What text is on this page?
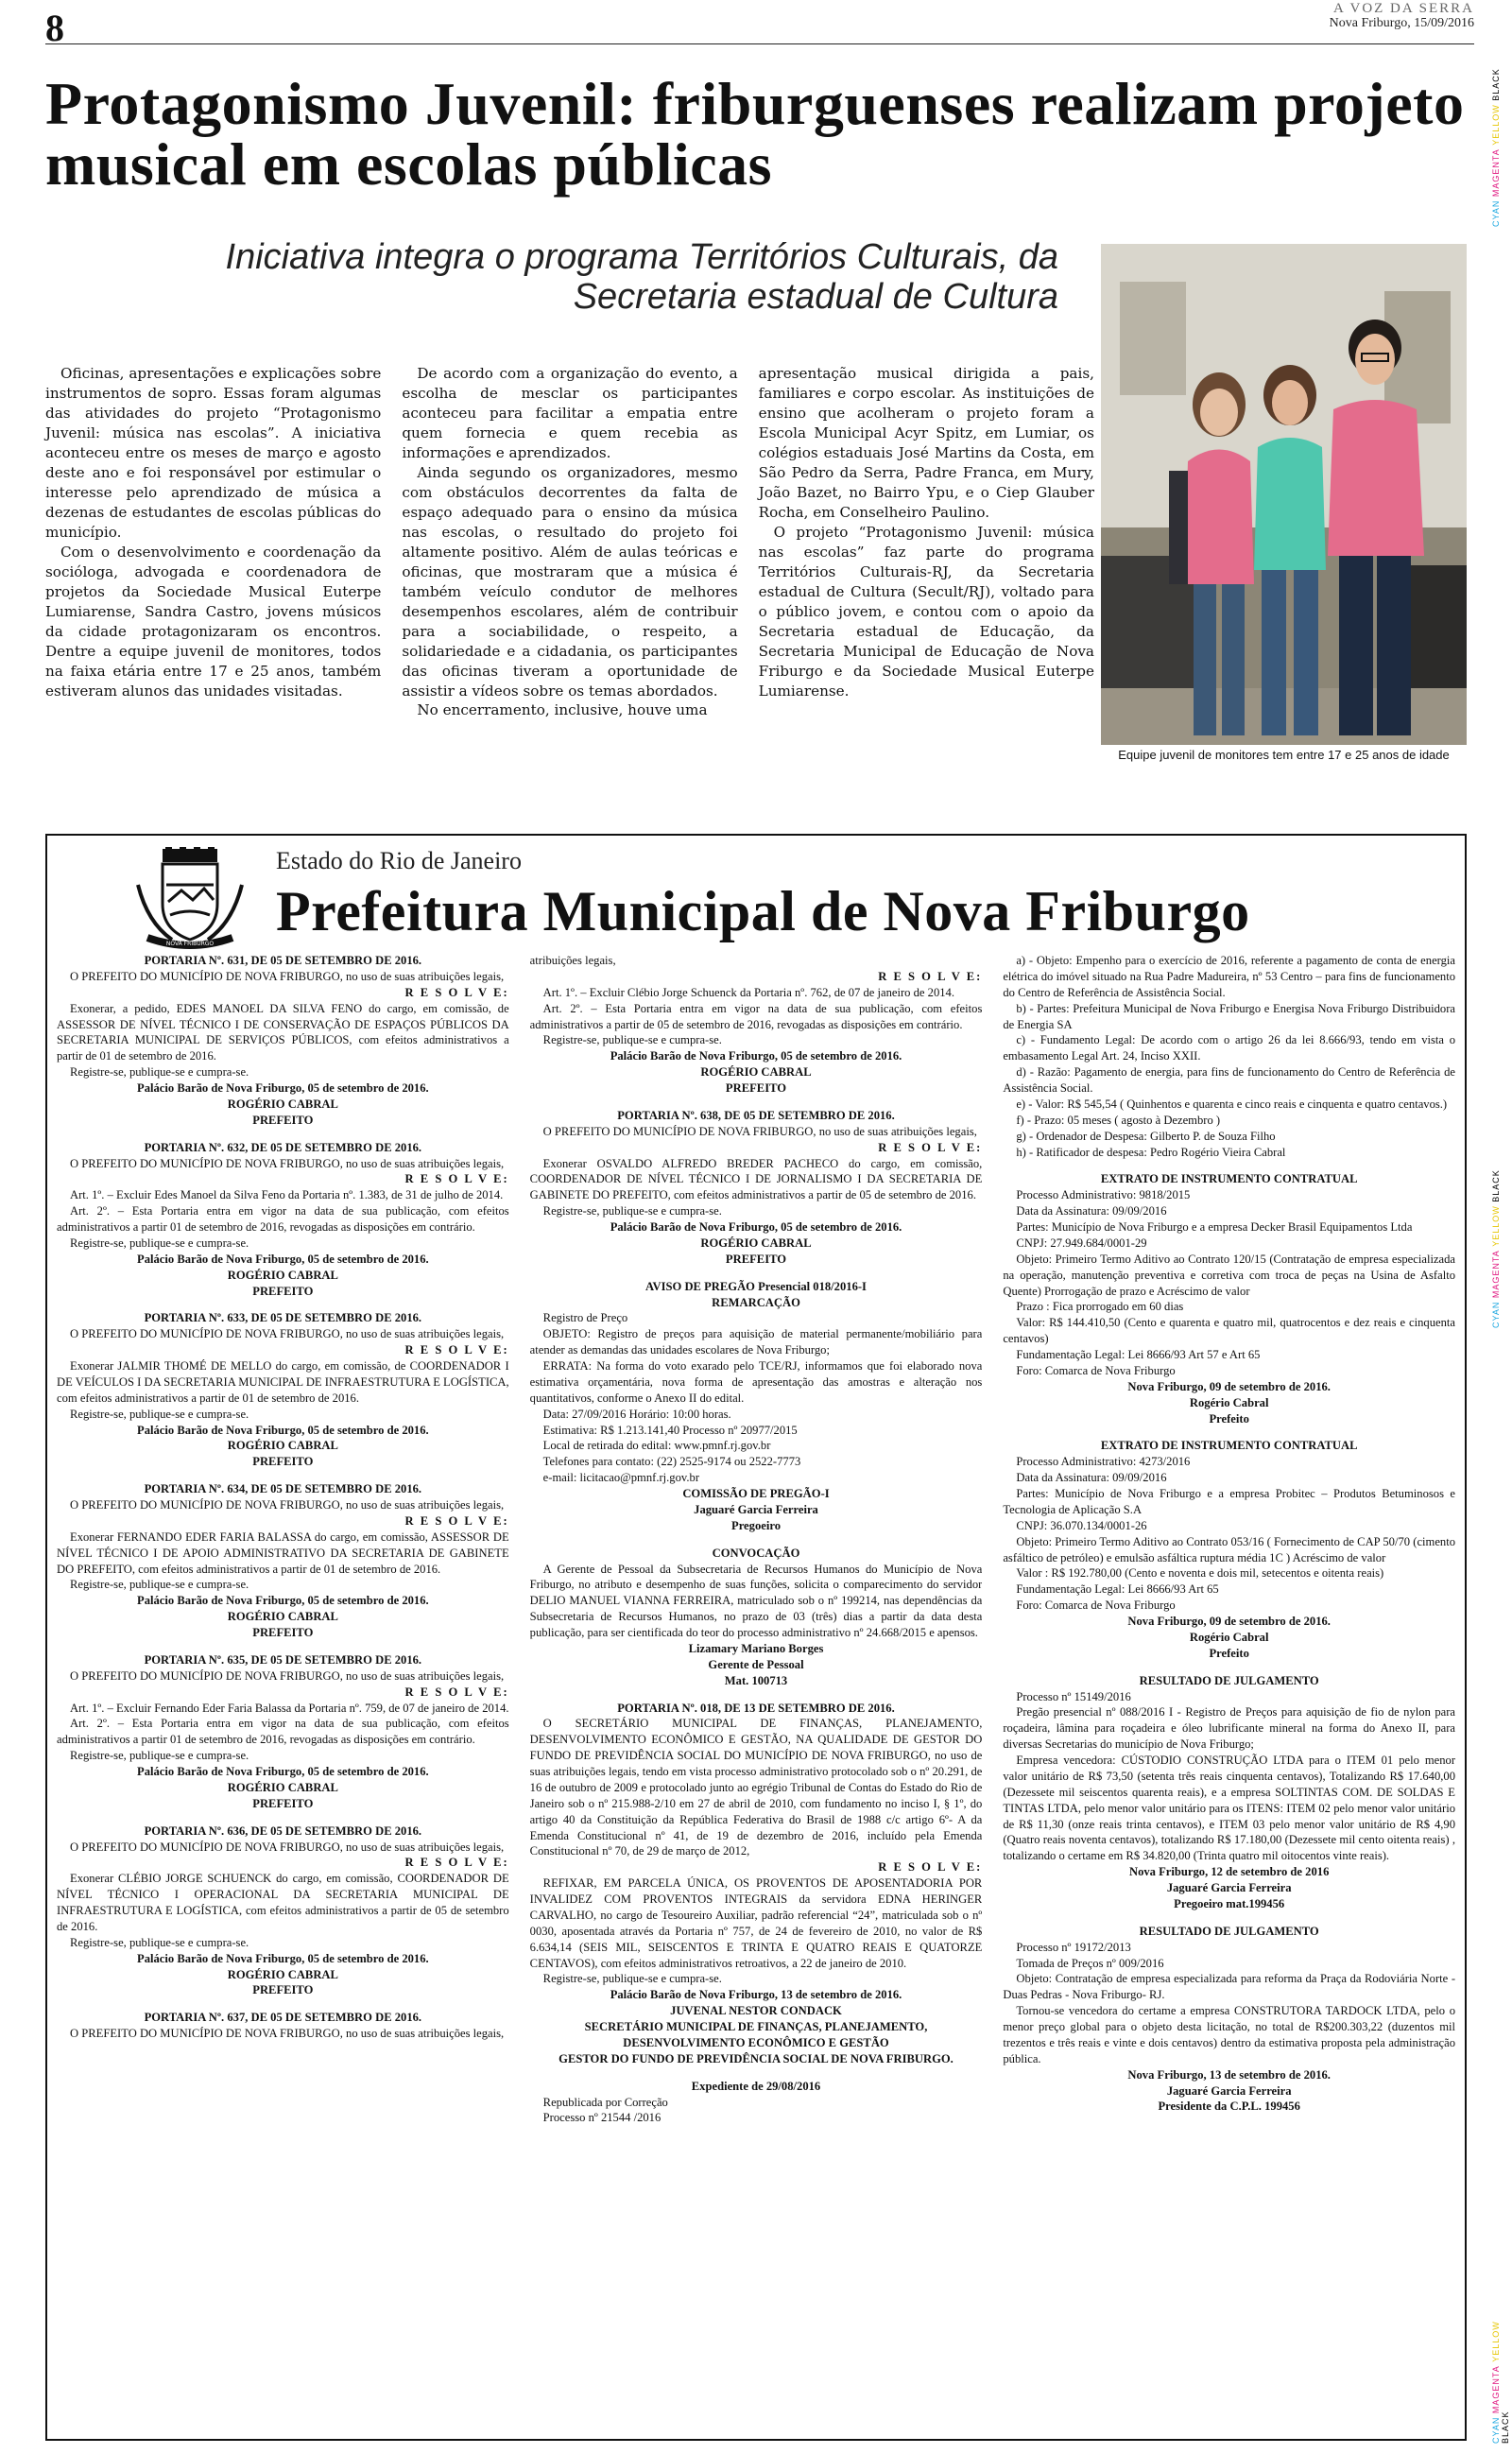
8	A VOZ DA SERRA
Nova Friburgo, 15/09/2016
CYAN MAGENTA YELLOW BLACK
CYAN MAGENTA YELLOW BLACK
CYAN MAGENTA YELLOW BLACK
Protagonismo Juvenil: friburguenses realizam projeto musical em escolas públicas
Iniciativa integra o programa Territórios Culturais, da Secretaria estadual de Cultura

Oficinas, apresentações e explicações sobre instrumentos de sopro. Essas foram algumas das atividades do projeto “Protagonismo Juvenil: música nas escolas”. A iniciativa aconteceu entre os meses de março e agosto deste ano e foi responsável por estimular o interesse pelo aprendizado de música a dezenas de estudantes de escolas públicas do município.

Com o desenvolvimento e coordenação da socióloga, advogada e coordenadora de projetos da Sociedade Musical Euterpe Lumiarense, Sandra Castro, jovens músicos da cidade protagonizaram os encontros. Dentre a equipe juvenil de monitores, todos na faixa etária entre 17 e 25 anos, também estiveram alunos das unidades visitadas.

De acordo com a organização do evento, a escolha de mesclar os participantes aconteceu para facilitar a empatia entre quem fornecia e quem recebia as informações e aprendizados.

Ainda segundo os organizadores, mesmo com obstáculos decorrentes da falta de espaço adequado para o ensino da música nas escolas, o resultado do projeto foi altamente positivo. Além de aulas teóricas e oficinas, que mostraram que a música é também veículo condutor de melhores desempenhos escolares, além de contribuir para a sociabilidade, o respeito, a solidariedade e a cidadania, os participantes das oficinas tiveram a oportunidade de assistir a vídeos sobre os temas abordados.

No encerramento, inclusive, houve uma

apresentação musical dirigida a pais, familiares e corpo escolar. As instituições de ensino que acolheram o projeto foram a Escola Municipal Acyr Spitz, em Lumiar, os colégios estaduais José Martins da Costa, em São Pedro da Serra, Padre Franca, em Mury, João Bazet, no Bairro Ypu, e o Ciep Glauber Rocha, em Conselheiro Paulino.

O projeto “Protagonismo Juvenil: música nas escolas” faz parte do programa Territórios Culturais-RJ, da Secretaria estadual de Cultura (Secult/RJ), voltado para o público jovem, e contou com o apoio da Secretaria estadual de Educação, da Secretaria Municipal de Educação de Nova Friburgo e da Sociedade Musical Euterpe Lumiarense.

Equipe juvenil de monitores tem entre 17 e 25 anos de idade
NOVA FRIBURGO
Estado do Rio de Janeiro
Prefeitura Municipal de Nova Friburgo
PORTARIA Nº. 631, DE 05 DE SETEMBRO DE 2016.
O PREFEITO DO MUNICÍPIO DE NOVA FRIBURGO, no uso de suas atribuições legais,
R E S O L V E:
Exonerar, a pedido, EDES MANOEL DA SILVA FENO do cargo, em comissão, de ASSESSOR DE NÍVEL TÉCNICO I DE CONSERVAÇÃO DE ESPAÇOS PÚBLICOS DA SECRETARIA MUNICIPAL DE SERVIÇOS PÚBLICOS, com efeitos administrativos a partir de 01 de setembro de 2016.
Registre-se, publique-se e cumpra-se.
Palácio Barão de Nova Friburgo, 05 de setembro de 2016.
ROGÉRIO CABRAL
PREFEITO
PORTARIA Nº. 632, DE 05 DE SETEMBRO DE 2016.
O PREFEITO DO MUNICÍPIO DE NOVA FRIBURGO, no uso de suas atribuições legais,
R E S O L V E:
Art. 1º. – Excluir Edes Manoel da Silva Feno da Portaria nº. 1.383, de 31 de julho de 2014.
Art. 2º. – Esta Portaria entra em vigor na data de sua publicação, com efeitos administrativos a partir 01 de setembro de 2016, revogadas as disposições em contrário.
Registre-se, publique-se e cumpra-se.
Palácio Barão de Nova Friburgo, 05 de setembro de 2016.
ROGÉRIO CABRAL
PREFEITO
PORTARIA Nº. 633, DE 05 DE SETEMBRO DE 2016.
O PREFEITO DO MUNICÍPIO DE NOVA FRIBURGO, no uso de suas atribuições legais,
R E S O L V E:
Exonerar JALMIR THOMÉ DE MELLO do cargo, em comissão, de COORDENADOR I DE VEÍCULOS I DA SECRETARIA MUNICIPAL DE INFRAESTRUTURA E LOGÍSTICA, com efeitos administrativos a partir de 01 de setembro de 2016.
Registre-se, publique-se e cumpra-se.
Palácio Barão de Nova Friburgo, 05 de setembro de 2016.
ROGÉRIO CABRAL
PREFEITO
PORTARIA Nº. 634, DE 05 DE SETEMBRO DE 2016.
O PREFEITO DO MUNICÍPIO DE NOVA FRIBURGO, no uso de suas atribuições legais,
R E S O L V E:
Exonerar FERNANDO EDER FARIA BALASSA do cargo, em comissão, ASSESSOR DE NÍVEL TÉCNICO I DE APOIO ADMINISTRATIVO DA SECRETARIA DE GABINETE DO PREFEITO, com efeitos administrativos a partir de 01 de setembro de 2016.
Registre-se, publique-se e cumpra-se.
Palácio Barão de Nova Friburgo, 05 de setembro de 2016.
ROGÉRIO CABRAL
PREFEITO
PORTARIA Nº. 635, DE 05 DE SETEMBRO DE 2016.
O PREFEITO DO MUNICÍPIO DE NOVA FRIBURGO, no uso de suas atribuições legais,
R E S O L V E:
Art. 1º. – Excluir Fernando Eder Faria Balassa da Portaria nº. 759, de 07 de janeiro de 2014.
Art. 2º. – Esta Portaria entra em vigor na data de sua publicação, com efeitos administrativos a partir 01 de setembro de 2016, revogadas as disposições em contrário.
Registre-se, publique-se e cumpra-se.
Palácio Barão de Nova Friburgo, 05 de setembro de 2016.
ROGÉRIO CABRAL
PREFEITO
PORTARIA Nº. 636, DE 05 DE SETEMBRO DE 2016.
O PREFEITO DO MUNICÍPIO DE NOVA FRIBURGO, no uso de suas atribuições legais,
R E S O L V E:
Exonerar CLÉBIO JORGE SCHUENCK do cargo, em comissão, COORDENADOR DE NÍVEL TÉCNICO I OPERACIONAL DA SECRETARIA MUNICIPAL DE INFRAESTRUTURA E LOGÍSTICA, com efeitos administrativos a partir de 05 de setembro de 2016.
Registre-se, publique-se e cumpra-se.
Palácio Barão de Nova Friburgo, 05 de setembro de 2016.
ROGÉRIO CABRAL
PREFEITO
PORTARIA Nº. 637, DE 05 DE SETEMBRO DE 2016.
O PREFEITO DO MUNICÍPIO DE NOVA FRIBURGO, no uso de suas atribuições legais,
atribuições legais,
R E S O L V E:
Art. 1º. – Excluir Clébio Jorge Schuenck da Portaria nº. 762, de 07 de janeiro de 2014.
Art. 2º. – Esta Portaria entra em vigor na data de sua publicação, com efeitos administrativos a partir de 05 de setembro de 2016, revogadas as disposições em contrário.
Registre-se, publique-se e cumpra-se.
Palácio Barão de Nova Friburgo, 05 de setembro de 2016.
ROGÉRIO CABRAL
PREFEITO
PORTARIA Nº. 638, DE 05 DE SETEMBRO DE 2016.
O PREFEITO DO MUNICÍPIO DE NOVA FRIBURGO, no uso de suas atribuições legais,
R E S O L V E:
Exonerar OSVALDO ALFREDO BREDER PACHECO do cargo, em comissão, COORDENADOR DE NÍVEL TÉCNICO I DE JORNALISMO I DA SECRETARIA DE GABINETE DO PREFEITO, com efeitos administrativos a partir de 05 de setembro de 2016.
Registre-se, publique-se e cumpra-se.
Palácio Barão de Nova Friburgo, 05 de setembro de 2016.
ROGÉRIO CABRAL
PREFEITO
AVISO DE PREGÃO Presencial 018/2016-I
REMARCAÇÃO
Registro de Preço
OBJETO: Registro de preços para aquisição de material permanente/mobiliário para atender as demandas das unidades escolares de Nova Friburgo;
ERRATA: Na forma do voto exarado pelo TCE/RJ, informamos que foi elaborado nova estimativa orçamentária, nova forma de apresentação das amostras e alteração nos quantitativos, conforme o Anexo II do edital.
Data: 27/09/2016 Horário: 10:00 horas.
Estimativa: R$ 1.213.141,40 Processo nº 20977/2015
Local de retirada do edital: www.pmnf.rj.gov.br
Telefones para contato: (22) 2525-9174 ou 2522-7773
e-mail: licitacao@pmnf.rj.gov.br
COMISSÃO DE PREGÃO-I
Jaguaré Garcia Ferreira
Pregoeiro
CONVOCAÇÃO
A Gerente de Pessoal da Subsecretaria de Recursos Humanos do Município de Nova Friburgo, no atributo e desempenho de suas funções, solicita o comparecimento do servidor DELIO MANUEL VIANNA FERREIRA, matriculado sob o nº 199214, nas dependências da Subsecretaria de Recursos Humanos, no prazo de 03 (três) dias a partir da data desta publicação, para ser cientificada do teor do processo administrativo nº 24.668/2015 e apensos.
Lizamary Mariano Borges
Gerente de Pessoal
Mat. 100713
PORTARIA Nº. 018, DE 13 DE SETEMBRO DE 2016.
O SECRETÁRIO MUNICIPAL DE FINANÇAS, PLANEJAMENTO, DESENVOLVIMENTO ECONÔMICO E GESTÃO, NA QUALIDADE DE GESTOR DO FUNDO DE PREVIDÊNCIA SOCIAL DO MUNICÍPIO DE NOVA FRIBURGO, no uso de suas atribuições legais, tendo em vista processo administrativo protocolado sob o nº 20.291, de 16 de outubro de 2009 e protocolado junto ao egrégio Tribunal de Contas do Estado do Rio de Janeiro sob o nº 215.988-2/10 em 27 de abril de 2010, com fundamento no inciso I, § 1º, do artigo 40 da Constituição da República Federativa do Brasil de 1988 c/c artigo 6º- A da Emenda Constitucional nº 41, de 19 de dezembro de 2016, incluído pela Emenda Constitucional nº 70, de 29 de março de 2012,
R E S O L V E:
REFIXAR, EM PARCELA ÚNICA, OS PROVENTOS DE APOSENTADORIA POR INVALIDEZ COM PROVENTOS INTEGRAIS da servidora EDNA HERINGER CARVALHO, no cargo de Tesoureiro Auxiliar, padrão referencial “24”, matriculada sob o nº 0030, aposentada através da Portaria nº 757, de 24 de fevereiro de 2010, no valor de R$ 6.634,14 (SEIS MIL, SEISCENTOS E TRINTA E QUATRO REAIS E QUATORZE CENTAVOS), com efeitos administrativos retroativos, a 22 de janeiro de 2010.
Registre-se, publique-se e cumpra-se.
Palácio Barão de Nova Friburgo, 13 de setembro de 2016.
JUVENAL NESTOR CONDACK
SECRETÁRIO MUNICIPAL DE FINANÇAS, PLANEJAMENTO, DESENVOLVIMENTO ECONÔMICO E GESTÃO
GESTOR DO FUNDO DE PREVIDÊNCIA SOCIAL DE NOVA FRIBURGO.
Expediente de 29/08/2016
Republicada por Correção
Processo nº 21544 /2016
a) - Objeto: Empenho para o exercício de 2016, referente a pagamento de conta de energia elétrica do imóvel situado na Rua Padre Madureira, nº 53 Centro – para fins de funcionamento do Centro de Referência de Assistência Social.
b) - Partes: Prefeitura Municipal de Nova Friburgo e Energisa Nova Friburgo Distribuidora de Energia SA
c) - Fundamento Legal: De acordo com o artigo 26 da lei 8.666/93, tendo em vista o embasamento Legal Art. 24, Inciso XXII.
d) - Razão: Pagamento de energia, para fins de funcionamento do Centro de Referência de Assistência Social.
e) - Valor: R$ 545,54 ( Quinhentos e quarenta e cinco reais e cinquenta e quatro centavos.)
f) - Prazo: 05 meses ( agosto à Dezembro )
g) - Ordenador de Despesa: Gilberto P. de Souza Filho
h) - Ratificador de despesa: Pedro Rogério Vieira Cabral
EXTRATO DE INSTRUMENTO CONTRATUAL
Processo Administrativo: 9818/2015
Data da Assinatura: 09/09/2016
Partes: Município de Nova Friburgo e a empresa Decker Brasil Equipamentos Ltda
CNPJ: 27.949.684/0001-29
Objeto: Primeiro Termo Aditivo ao Contrato 120/15 (Contratação de empresa especializada na operação, manutenção preventiva e corretiva com troca de peças na Usina de Asfalto Quente) Prorrogação de prazo e Acréscimo de valor
Prazo : Fica prorrogado em 60 dias
Valor: R$ 144.410,50 (Cento e quarenta e quatro mil, quatrocentos e dez reais e cinquenta centavos)
Fundamentação Legal: Lei 8666/93 Art 57 e Art 65
Foro: Comarca de Nova Friburgo
Nova Friburgo, 09 de setembro de 2016.
Rogério Cabral
Prefeito
EXTRATO DE INSTRUMENTO CONTRATUAL
Processo Administrativo: 4273/2016
Data da Assinatura: 09/09/2016
Partes: Município de Nova Friburgo e a empresa Probitec – Produtos Betuminosos e Tecnologia de Aplicação S.A
CNPJ: 36.070.134/0001-26
Objeto: Primeiro Termo Aditivo ao Contrato 053/16 ( Fornecimento de CAP 50/70 (cimento asfáltico de petróleo) e emulsão asfáltica ruptura média 1C ) Acréscimo de valor
Valor : R$ 192.780,00 (Cento e noventa e dois mil, setecentos e oitenta reais)
Fundamentação Legal: Lei 8666/93 Art 65
Foro: Comarca de Nova Friburgo
Nova Friburgo, 09 de setembro de 2016.
Rogério Cabral
Prefeito
RESULTADO DE JULGAMENTO
Processo nº 15149/2016
Pregão presencial nº 088/2016 I - Registro de Preços para aquisição de fio de nylon para roçadeira, lâmina para roçadeira e óleo lubrificante mineral na forma do Anexo II, para diversas Secretarias do município de Nova Friburgo;
Empresa vencedora: CÚSTODIO CONSTRUÇÃO LTDA para o ITEM 01 pelo menor valor unitário de R$ 73,50 (setenta três reais cinquenta centavos), Totalizando R$ 17.640,00 (Dezessete mil seiscentos quarenta reais), e a empresa SOLTINTAS COM. DE SOLDAS E TINTAS LTDA, pelo menor valor unitário para os ITENS: ITEM 02 pelo menor valor unitário de R$ 11,30 (onze reais trinta centavos), e ITEM 03 pelo menor valor unitário de R$ 4,90 (Quatro reais noventa centavos), totalizando R$ 17.180,00 (Dezessete mil cento oitenta reais) , totalizando o certame em R$ 34.820,00 (Trinta quatro mil oitocentos vinte reais).
Nova Friburgo, 12 de setembro de 2016
Jaguaré Garcia Ferreira
Pregoeiro mat.199456
RESULTADO DE JULGAMENTO
Processo nº 19172/2013
Tomada de Preços nº 009/2016
Objeto: Contratação de empresa especializada para reforma da Praça da Rodoviária Norte - Duas Pedras - Nova Friburgo- RJ.
Tornou-se vencedora do certame a empresa CONSTRUTORA TARDOCK LTDA, pelo o menor preço global para o objeto desta licitação, no total de R$200.303,22 (duzentos mil trezentos e três reais e vinte e dois centavos) dentro da estimativa proposta pela administração pública.
Nova Friburgo, 13 de setembro de 2016.
Jaguaré Garcia Ferreira
Presidente da C.P.L. 199456
